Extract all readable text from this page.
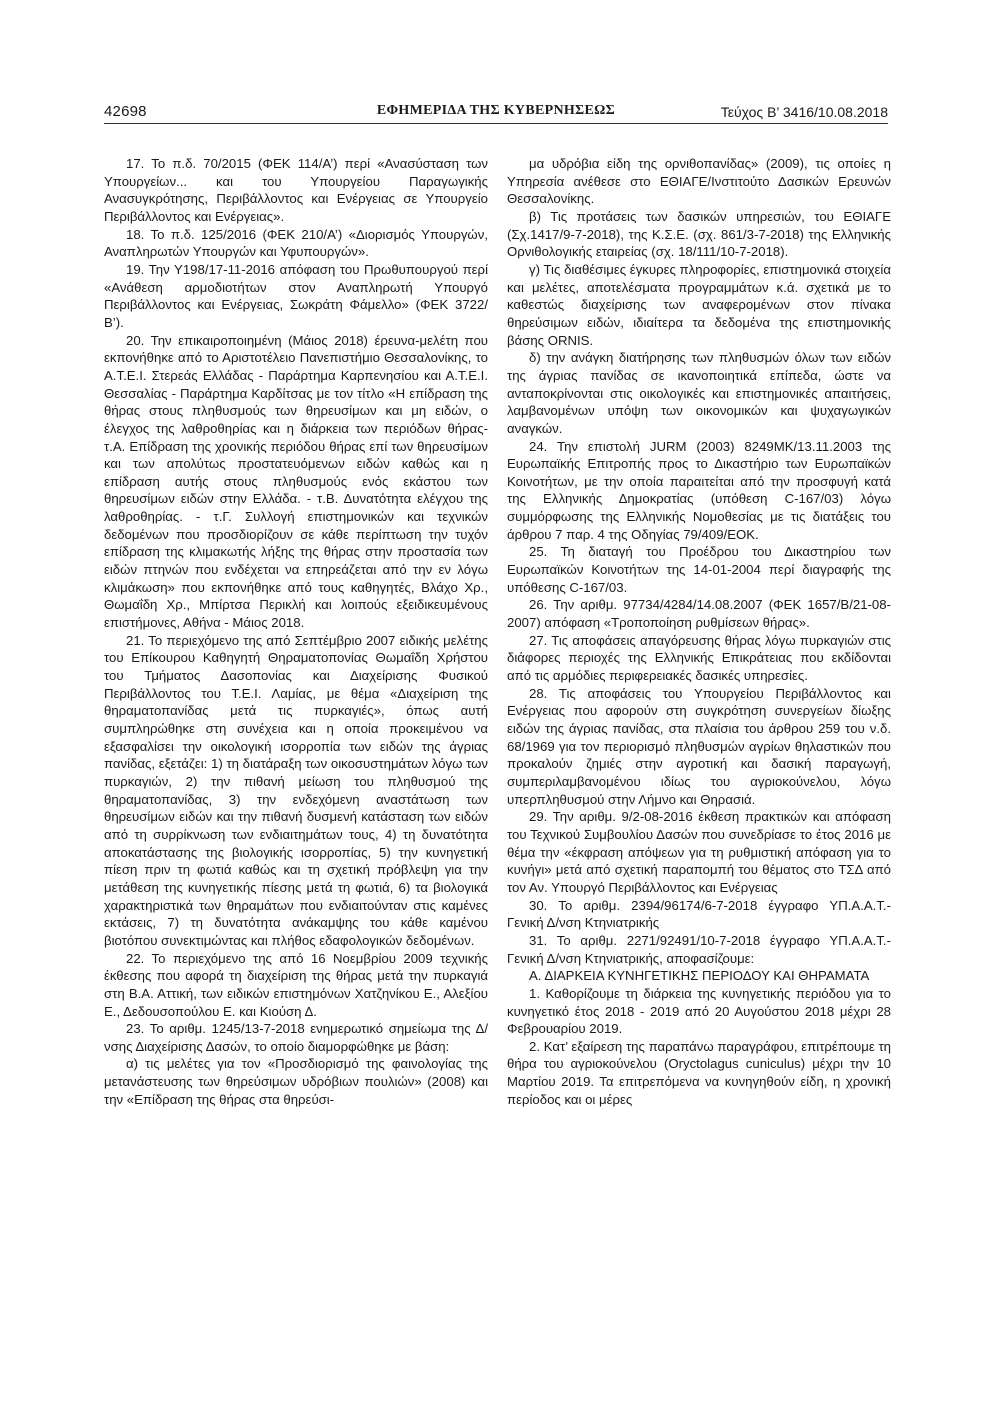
42698	ΕΦΗΜΕΡΙΔΑ ΤΗΣ ΚΥΒΕΡΝΗΣΕΩΣ	Τεύχος Β’ 3416/10.08.2018

17. Το π.δ. 70/2015 (ΦΕΚ 114/Α’) περί «Ανασύσταση των Υπουργείων... και του Υπουργείου Παραγωγικής Ανασυγκρότησης, Περιβάλλοντος και Ενέργειας σε Υπουργείο Περιβάλλοντος και Ενέργειας».

18. Το π.δ. 125/2016 (ΦΕΚ 210/Α’) «Διορισμός Υπουργών, Αναπληρωτών Υπουργών και Υφυπουργών».

19. Την Υ198/17-11-2016 απόφαση του Πρωθυπουργού περί «Ανάθεση αρμοδιοτήτων στον Αναπληρωτή Υπουργό Περιβάλλοντος και Ενέργειας, Σωκράτη Φάμελλο» (ΦΕΚ 3722/Β’).

20. Την επικαιροποιημένη (Μάιος 2018) έρευνα-μελέτη που εκπονήθηκε από το Αριστοτέλειο Πανεπιστήμιο Θεσσαλονίκης, το Α.Τ.Ε.Ι. Στερεάς Ελλάδας - Παράρτημα Καρπενησίου και Α.Τ.Ε.Ι. Θεσσαλίας - Παράρτημα Καρδίτσας με τον τίτλο «Η επίδραση της θήρας στους πληθυσμούς των θηρευσίμων και μη ειδών, ο έλεγχος της λαθροθηρίας και η διάρκεια των περιόδων θήρας- τ.Α. Επίδραση της χρονικής περιόδου θήρας επί των θηρευσίμων και των απολύτως προστατευόμενων ειδών καθώς και η επίδραση αυτής στους πληθυσμούς ενός εκάστου των θηρευσίμων ειδών στην Ελλάδα. - τ.Β. Δυνατότητα ελέγχου της λαθροθηρίας. - τ.Γ. Συλλογή επιστημονικών και τεχνικών δεδομένων που προσδιορίζουν σε κάθε περίπτωση την τυχόν επίδραση της κλιμακωτής λήξης της θήρας στην προστασία των ειδών πτηνών που ενδέχεται να επηρεάζεται από την εν λόγω κλιμάκωση» που εκπονήθηκε από τους καθηγητές, Βλάχο Χρ., Θωμαΐδη Χρ., Μπίρτσα Περικλή και λοιπούς εξειδικευμένους επιστήμονες, Αθήνα - Μάιος 2018.

21. Το περιεχόμενο της από Σεπτέμβριο 2007 ειδικής μελέτης του Επίκουρου Καθηγητή Θηραματοπονίας Θωμαΐδη Χρήστου του Τμήματος Δασοπονίας και Διαχείρισης Φυσικού Περιβάλλοντος του Τ.Ε.Ι. Λαμίας, με θέμα «Διαχείριση της θηραματοπανίδας μετά τις πυρκαγιές», όπως αυτή συμπληρώθηκε στη συνέχεια και η οποία προκειμένου να εξασφαλίσει την οικολογική ισορροπία των ειδών της άγριας πανίδας, εξετάζει: 1) τη διατάραξη των οικοσυστημάτων λόγω των πυρκαγιών, 2) την πιθανή μείωση του πληθυσμού της θηραματοπανίδας, 3) την ενδεχόμενη αναστάτωση των θηρευσίμων ειδών και την πιθανή δυσμενή κατάσταση των ειδών από τη συρρίκνωση των ενδιαιτημάτων τους, 4) τη δυνατότητα αποκατάστασης της βιολογικής ισορροπίας, 5) την κυνηγετική πίεση πριν τη φωτιά καθώς και τη σχετική πρόβλεψη για την μετάθεση της κυνηγετικής πίεσης μετά τη φωτιά, 6) τα βιολογικά χαρακτηριστικά των θηραμάτων που ενδιαιτούνταν στις καμένες εκτάσεις, 7) τη δυνατότητα ανάκαμψης του κάθε καμένου βιοτόπου συνεκτιμώντας και πλήθος εδαφολογικών δεδομένων.

22. Το περιεχόμενο της από 16 Νοεμβρίου 2009 τεχνικής έκθεσης που αφορά τη διαχείριση της θήρας μετά την πυρκαγιά στη Β.Α. Αττική, των ειδικών επιστημόνων Χατζηνίκου Ε., Αλεξίου Ε., Δεδουσοπούλου Ε. και Κιούση Δ.

23. Το αριθμ. 1245/13-7-2018 ενημερωτικό σημείωμα της Δ/νσης Διαχείρισης Δασών, το οποίο διαμορφώθηκε με βάση:

α) τις μελέτες για τον «Προσδιορισμό της φαινολογίας της μετανάστευσης των θηρεύσιμων υδρόβιων πουλιών» (2008) και την «Επίδραση της θήρας στα θηρεύσι-

μα υδρόβια είδη της ορνιθοπανίδας» (2009), τις οποίες η Υπηρεσία ανέθεσε στο ΕΘΙΑΓΕ/Ινστιτούτο Δασικών Ερευνών Θεσσαλονίκης.

β) Τις προτάσεις των δασικών υπηρεσιών, του ΕΘΙΑΓΕ (Σχ.1417/9-7-2018), της Κ.Σ.Ε. (σχ. 861/3-7-2018) της Ελληνικής Ορνιθολογικής εταιρείας (σχ. 18/111/10-7-2018).

γ) Τις διαθέσιμες έγκυρες πληροφορίες, επιστημονικά στοιχεία και μελέτες, αποτελέσματα προγραμμάτων κ.ά. σχετικά με το καθεστώς διαχείρισης των αναφερομένων στον πίνακα θηρεύσιμων ειδών, ιδιαίτερα τα δεδομένα της επιστημονικής βάσης ORNIS.

δ) την ανάγκη διατήρησης των πληθυσμών όλων των ειδών της άγριας πανίδας σε ικανοποιητικά επίπεδα, ώστε να ανταποκρίνονται στις οικολογικές και επιστημονικές απαιτήσεις, λαμβανομένων υπόψη των οικονομικών και ψυχαγωγικών αναγκών.

24. Την επιστολή JURM (2003) 8249MK/13.11.2003 της Ευρωπαϊκής Επιτροπής προς το Δικαστήριο των Ευρωπαϊκών Κοινοτήτων, με την οποία παραιτείται από την προσφυγή κατά της Ελληνικής Δημοκρατίας (υπόθεση C-167/03) λόγω συμμόρφωσης της Ελληνικής Νομοθεσίας με τις διατάξεις του άρθρου 7 παρ. 4 της Οδηγίας 79/409/ΕΟΚ.

25. Τη διαταγή του Προέδρου του Δικαστηρίου των Ευρωπαϊκών Κοινοτήτων της 14-01-2004 περί διαγραφής της υπόθεσης C-167/03.

26. Την αριθμ. 97734/4284/14.08.2007 (ΦΕΚ 1657/Β/21-08-2007) απόφαση «Τροποποίηση ρυθμίσεων θήρας».

27. Τις αποφάσεις απαγόρευσης θήρας λόγω πυρκαγιών στις διάφορες περιοχές της Ελληνικής Επικράτειας που εκδίδονται από τις αρμόδιες περιφερειακές δασικές υπηρεσίες.

28. Τις αποφάσεις του Υπουργείου Περιβάλλοντος και Ενέργειας που αφορούν στη συγκρότηση συνεργείων δίωξης ειδών της άγριας πανίδας, στα πλαίσια του άρθρου 259 του ν.δ. 68/1969 για τον περιορισμό πληθυσμών αγρίων θηλαστικών που προκαλούν ζημιές στην αγροτική και δασική παραγωγή, συμπεριλαμβανομένου ιδίως του αγριοκούνελου, λόγω υπερπληθυσμού στην Λήμνο και Θηρασιά.

29. Την αριθμ. 9/2-08-2016 έκθεση πρακτικών και απόφαση του Τεχνικού Συμβουλίου Δασών που συνεδρίασε το έτος 2016 με θέμα την «έκφραση απόψεων για τη ρυθμιστική απόφαση για το κυνήγι» μετά από σχετική παραπομπή του θέματος στο ΤΣΔ από τον Αν. Υπουργό Περιβάλλοντος και Ενέργειας

30. Το αριθμ. 2394/96174/6-7-2018 έγγραφο ΥΠ.Α.Α.Τ.- Γενική Δ/νση Κτηνιατρικής

31. Το αριθμ. 2271/92491/10-7-2018 έγγραφο ΥΠ.Α.Α.Τ.- Γενική Δ/νση Κτηνιατρικής, αποφασίζουμε:

Α. ΔΙΑΡΚΕΙΑ ΚΥΝΗΓΕΤΙΚΗΣ ΠΕΡΙΟΔΟΥ ΚΑΙ ΘΗΡΑΜΑΤΑ

1. Καθορίζουμε τη διάρκεια της κυνηγετικής περιόδου για το κυνηγετικό έτος 2018 - 2019 από 20 Αυγούστου 2018 μέχρι 28 Φεβρουαρίου 2019.

2. Κατ’ εξαίρεση της παραπάνω παραγράφου, επιτρέπουμε τη θήρα του αγριοκούνελου (Oryctolagus cuniculus) μέχρι την 10 Μαρτίου 2019. Τα επιτρεπόμενα να κυνηγηθούν είδη, η χρονική περίοδος και οι μέρες
